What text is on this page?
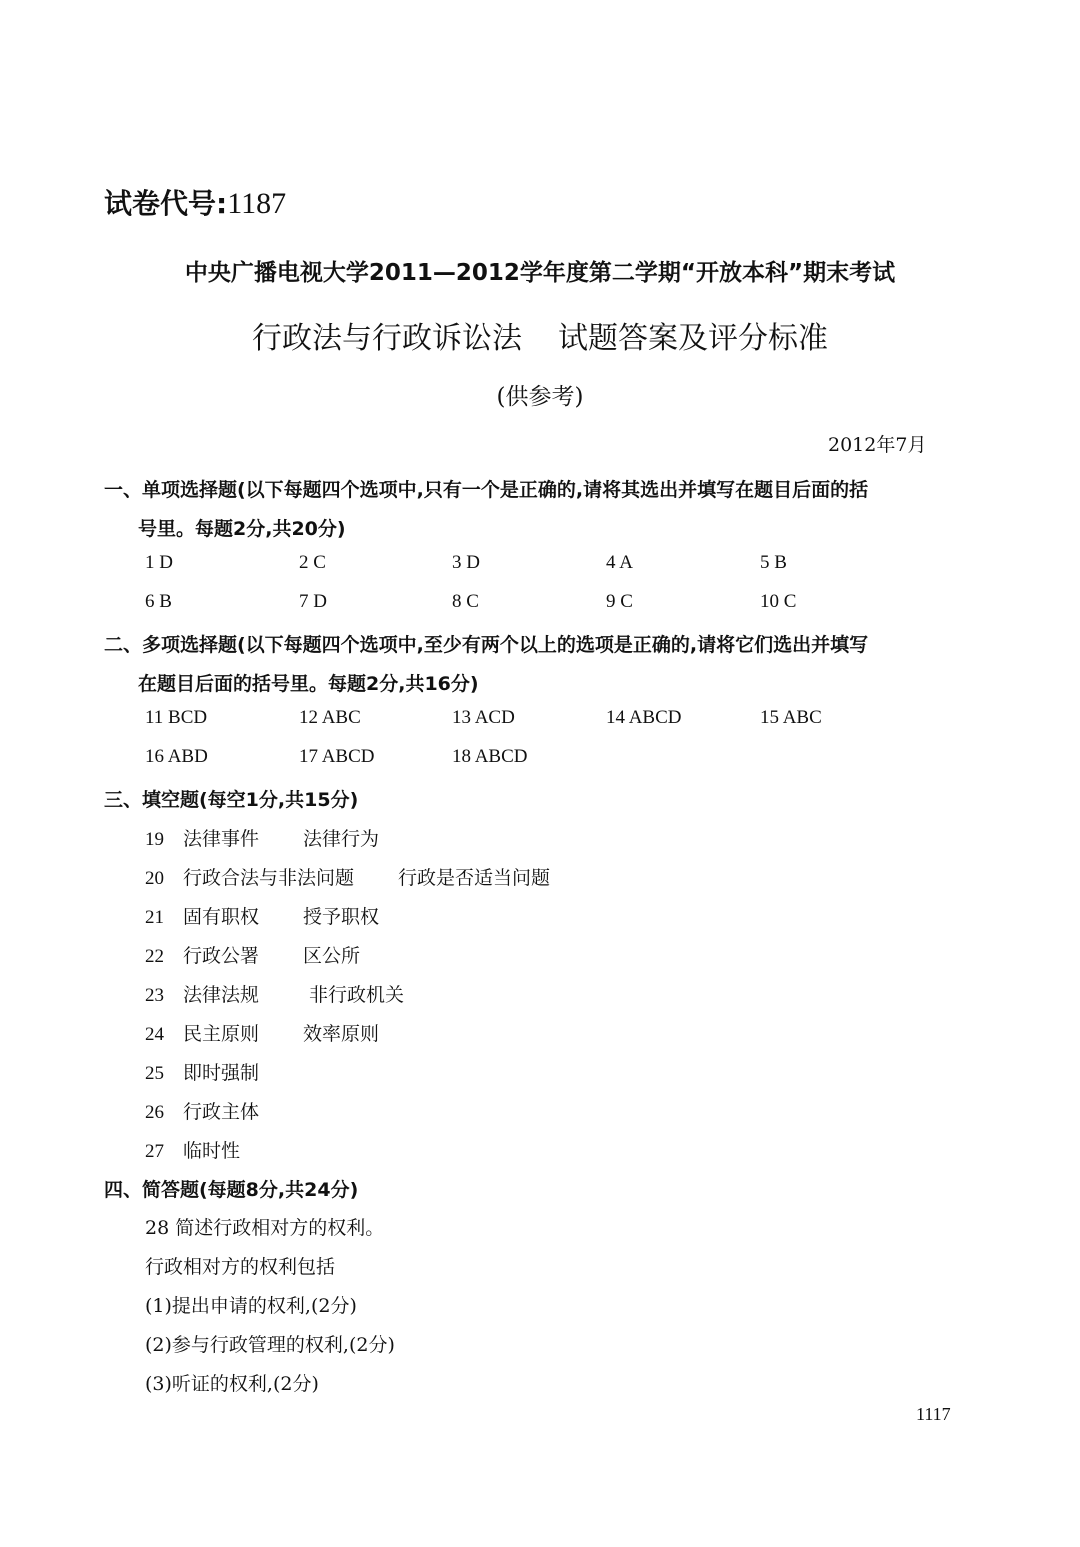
试卷代号:1187
中央广播电视大学2011—2012学年度第二学期“开放本科”期末考试
行政法与行政诉讼法 试题答案及评分标准
(供参考)
2012年7月
一、单项选择题(以下每题四个选项中,只有一个是正确的,请将其选出并填写在题目后面的括
号里。每题2分,共20分)
1 D	2 C	3 D	4 A	5 B
6 B	7 D	8 C	9 C	10 C
二、多项选择题(以下每题四个选项中,至少有两个以上的选项是正确的,请将它们选出并填写
在题目后面的括号里。每题2分,共16分)
11 BCD	12 ABC	13 ACD	14 ABCD	15 ABC
16 ABD	17 ABCD	18 ABCD
三、填空题(每空1分,共15分)
19 法律事件 法律行为
20 行政合法与非法问题 行政是否适当问题
21 固有职权 授予职权
22 行政公署 区公所
23 法律法规	非行政机关
24 民主原则 效率原则
25 即时强制
26 行政主体
27 临时性
四、简答题(每题8分,共24分)
28 简述行政相对方的权利。
行政相对方的权利包括
(1)提出申请的权利,(2分)
(2)参与行政管理的权利,(2分)
(3)听证的权利,(2分)
1117
